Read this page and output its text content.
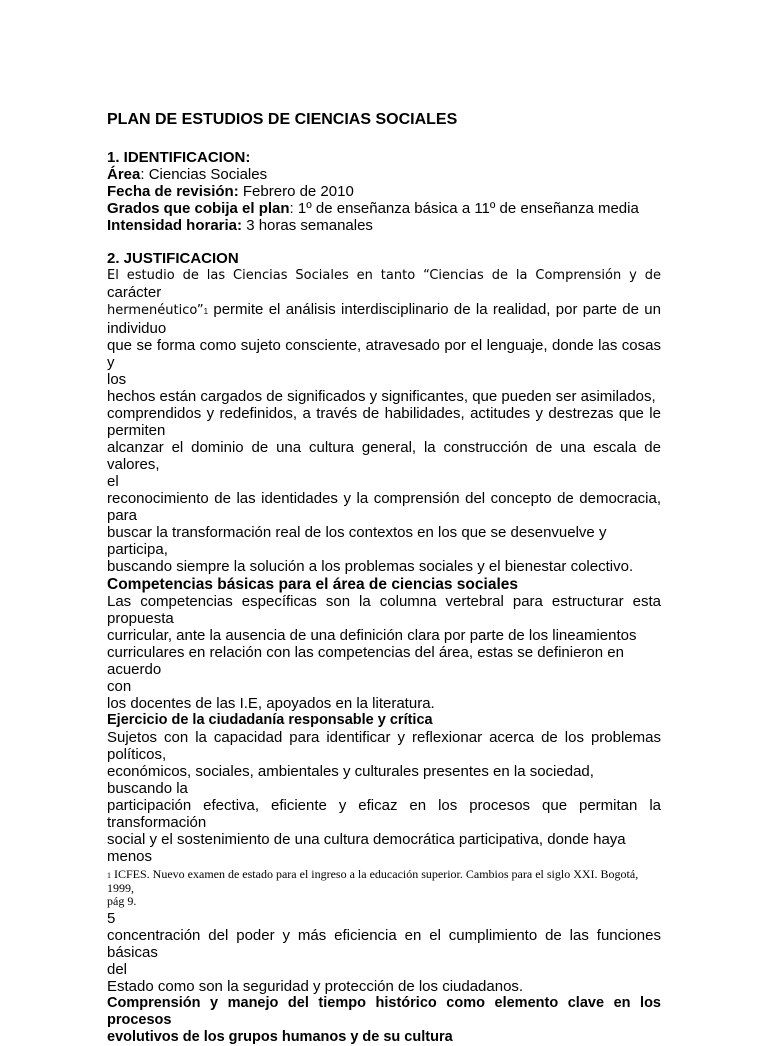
PLAN DE ESTUDIOS DE CIENCIAS SOCIALES
1. IDENTIFICACION:
Área: Ciencias Sociales
Fecha de revisión: Febrero de 2010
Grados que cobija el plan: 1º de enseñanza básica a 11º de enseñanza media
Intensidad horaria: 3 horas semanales
2. JUSTIFICACION
El estudio de las Ciencias Sociales en tanto “Ciencias de la Comprensión y de
carácter
hermenéutico”1 permite el análisis interdisciplinario de la realidad, por parte de un
individuo
que se forma como sujeto consciente, atravesado por el lenguaje, donde las cosas y
los
hechos están cargados de significados y significantes, que pueden ser asimilados,
comprendidos y redefinidos, a través de habilidades, actitudes y destrezas que le
permiten
alcanzar el dominio de una cultura general, la construcción de una escala de valores,
el
reconocimiento de las identidades y la comprensión del concepto de democracia, para
buscar la transformación real de los contextos en los que se desenvuelve y participa,
buscando siempre la solución a los problemas sociales y el bienestar colectivo.
Competencias básicas para el área de ciencias sociales
Las competencias específicas son la columna vertebral para estructurar esta
propuesta
curricular, ante la ausencia de una definición clara por parte de los lineamientos
curriculares en relación con las competencias del área, estas se definieron en acuerdo
con
los docentes de las I.E, apoyados en la literatura.
Ejercicio de la ciudadanía responsable y crítica
Sujetos con la capacidad para identificar y reflexionar acerca de los problemas
políticos,
económicos, sociales, ambientales y culturales presentes en la sociedad, buscando la
participación efectiva, eficiente y eficaz en los procesos que permitan la
transformación
social y el sostenimiento de una cultura democrática participativa, donde haya menos
1 ICFES. Nuevo examen de estado para el ingreso a la educación superior. Cambios para el siglo XXI. Bogotá,
1999,
pág 9.
5
concentración del poder y más eficiencia en el cumplimiento de las funciones básicas
del
Estado como son la seguridad y protección de los ciudadanos.
Comprensión y manejo del tiempo histórico como elemento clave en los
procesos
evolutivos de los grupos humanos y de su cultura
